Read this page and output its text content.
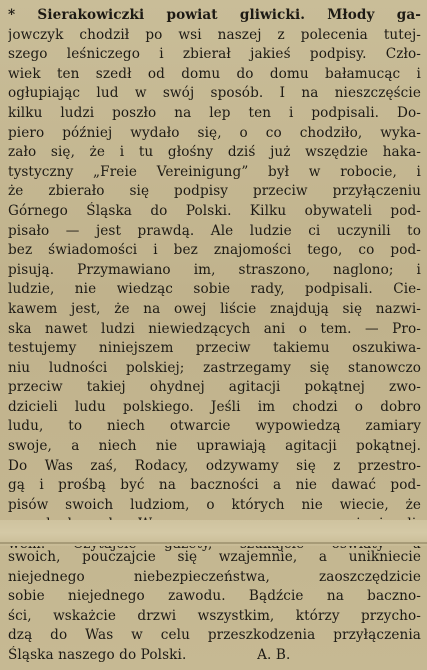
* Sierakowiczki powiat gliwicki. Młody ga-
jowczyk chodził po wsi naszej z polecenia tutej-
szego leśniczego i zbierał jakieś podpisy. Czło-
wiek ten szedł od domu do domu bałamucąc i
ogłupiając lud w swój sposób. I na nieszczęście
kilku ludzi poszło na lep ten i podpisali. Do-
piero później wydało się, o co chodziło, wyka-
zało się, że i tu głośny dziś już wszędzie haka-
tystyczny „Freie Vereinigung” był w robocie, i
że zbierało się podpisy przeciw przyłączeniu
Górnego Śląska do Polski. Kilku obywateli pod-
pisało — jest prawdą. Ale ludzie ci uczynili to
bez świadomości i bez znajomości tego, co pod-
pisują. Przymawiano im, straszono, naglono; i
ludzie, nie wiedząc sobie rady, podpisali. Cie-
kawem jest, że na owej liście znajdują się nazwi-
ska nawet ludzi niewiedzących ani o tem. — Pro-
testujemy niniejszem przeciw takiemu oszukiwa-
niu ludności polskiej; zastrzegamy się stanowczo
przeciw takiej ohydnej agitacji pokątnej zwo-
dzicieli ludu polskiego. Jeśli im chodzi o dobro
ludu, to niech otwarcie wypowiedzą zamiary
swoje, a niech nie uprawiają agitacji pokątnej.
Do Was zaś, Rodacy, odzywamy się z przestro-
gą i prośbą być na baczności a nie dawać pod-
pisów swoich ludziom, o których nie wiecie, że
swoich, pouczajcie się wzajemnie, a unikniecie
niejednego niebezpieczeństwa, zaoszczędzicie
sobie niejednego zawodu. Bądźcie na baczno-
ści, wskażcie drzwi wszystkim, którzy przycho-
dzą do Was w celu przeszkodzenia przyłączenia
Śląska naszego do Polski.                A. B.
